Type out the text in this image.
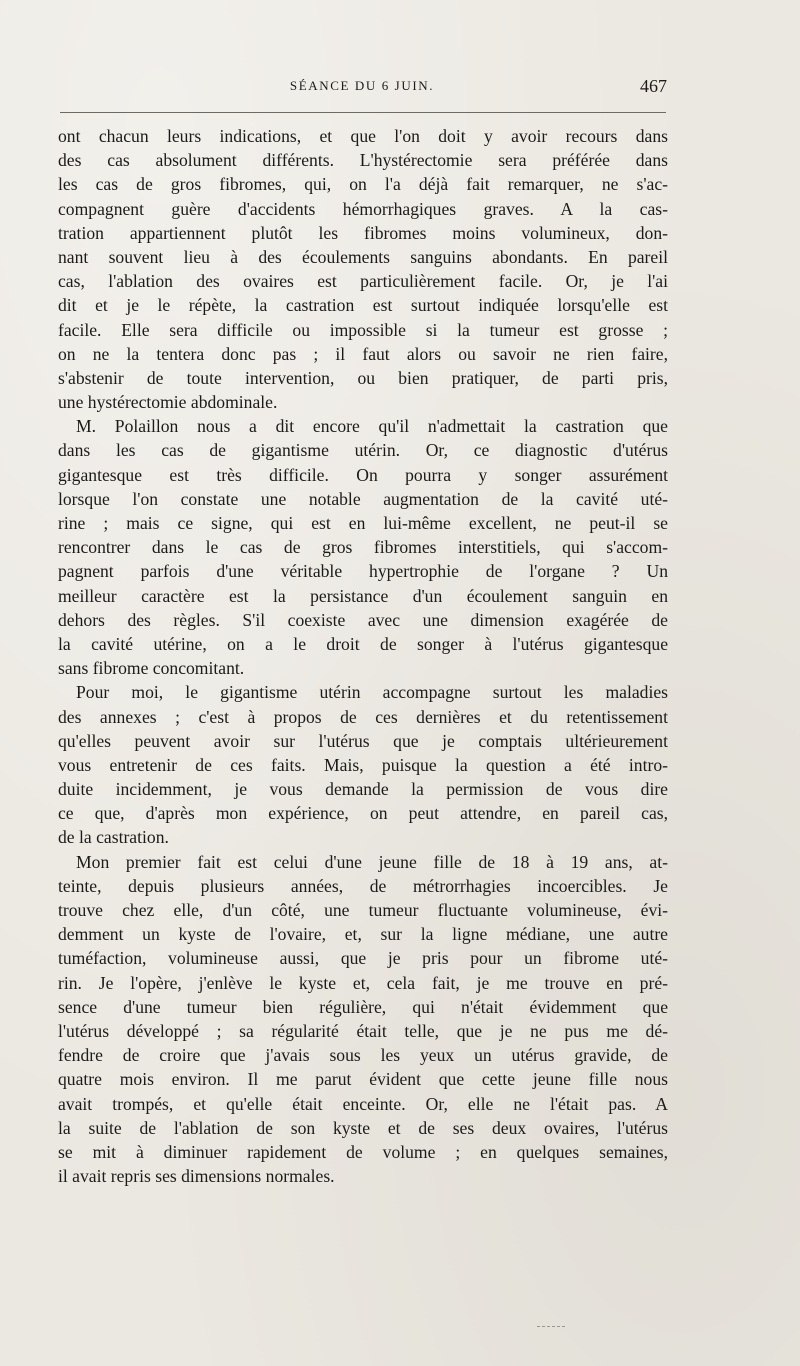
SÉANCE DU 6 JUIN.	467
ont chacun leurs indications, et que l'on doit y avoir recours dans
des cas absolument différents. L'hystérectomie sera préférée dans
les cas de gros fibromes, qui, on l'a déjà fait remarquer, ne s'ac-
compagnent guère d'accidents hémorrhagiques graves. A la cas-
tration appartiennent plutôt les fibromes moins volumineux, don-
nant souvent lieu à des écoulements sanguins abondants. En pareil
cas, l'ablation des ovaires est particulièrement facile. Or, je l'ai
dit et je le répète, la castration est surtout indiquée lorsqu'elle est
facile. Elle sera difficile ou impossible si la tumeur est grosse ;
on ne la tentera donc pas ; il faut alors ou savoir ne rien faire,
s'abstenir de toute intervention, ou bien pratiquer, de parti pris,
une hystérectomie abdominale.
M. Polaillon nous a dit encore qu'il n'admettait la castration que
dans les cas de gigantisme utérin. Or, ce diagnostic d'utérus
gigantesque est très difficile. On pourra y songer assurément
lorsque l'on constate une notable augmentation de la cavité uté-
rine ; mais ce signe, qui est en lui-même excellent, ne peut-il se
rencontrer dans le cas de gros fibromes interstitiels, qui s'accom-
pagnent parfois d'une véritable hypertrophie de l'organe ? Un
meilleur caractère est la persistance d'un écoulement sanguin en
dehors des règles. S'il coexiste avec une dimension exagérée de
la cavité utérine, on a le droit de songer à l'utérus gigantesque
sans fibrome concomitant.
Pour moi, le gigantisme utérin accompagne surtout les maladies
des annexes ; c'est à propos de ces dernières et du retentissement
qu'elles peuvent avoir sur l'utérus que je comptais ultérieurement
vous entretenir de ces faits. Mais, puisque la question a été intro-
duite incidemment, je vous demande la permission de vous dire
ce que, d'après mon expérience, on peut attendre, en pareil cas,
de la castration.
Mon premier fait est celui d'une jeune fille de 18 à 19 ans, at-
teinte, depuis plusieurs années, de métrorrhagies incoercibles. Je
trouve chez elle, d'un côté, une tumeur fluctuante volumineuse, évi-
demment un kyste de l'ovaire, et, sur la ligne médiane, une autre
tuméfaction, volumineuse aussi, que je pris pour un fibrome uté-
rin. Je l'opère, j'enlève le kyste et, cela fait, je me trouve en pré-
sence d'une tumeur bien régulière, qui n'était évidemment que
l'utérus développé ; sa régularité était telle, que je ne pus me dé-
fendre de croire que j'avais sous les yeux un utérus gravide, de
quatre mois environ. Il me parut évident que cette jeune fille nous
avait trompés, et qu'elle était enceinte. Or, elle ne l'était pas. A
la suite de l'ablation de son kyste et de ses deux ovaires, l'utérus
se mit à diminuer rapidement de volume ; en quelques semaines,
il avait repris ses dimensions normales.
